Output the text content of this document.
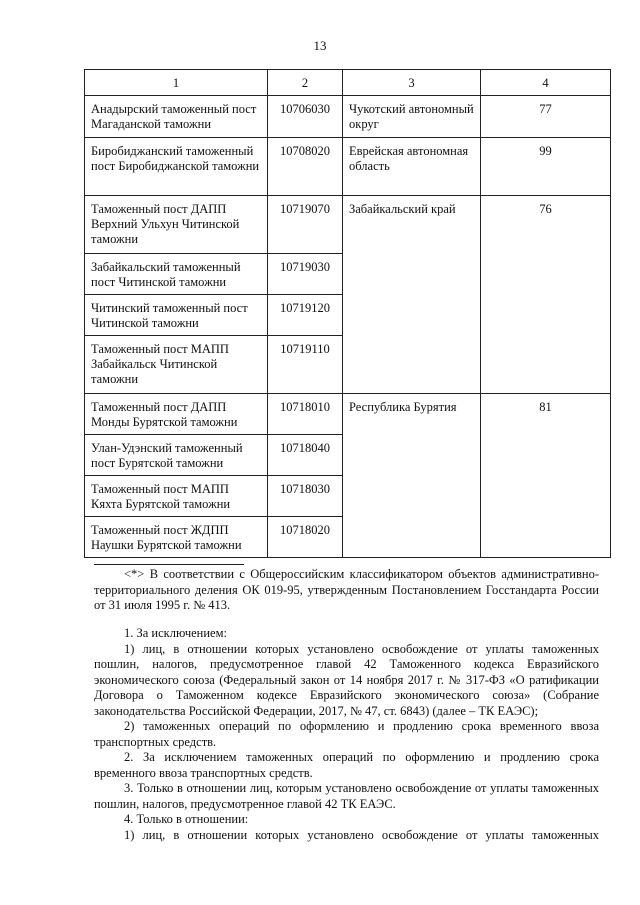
13
1	2	3	4
Анадырский таможенный пост Магаданской таможни	10706030	Чукотский автономный округ	77
Биробиджанский таможенный пост Биробиджанской таможни	10708020	Еврейская автономная область	99
Таможенный пост ДАПП Верхний Ульхун Читинской таможни	10719070	Забайкальский край	76
Забайкальский таможенный пост Читинской таможни	10719030		
Читинский таможенный пост Читинской таможни	10719120		
Таможенный пост МАПП Забайкальск Читинской таможни	10719110		
Таможенный пост ДАПП Монды Бурятской таможни	10718010	Республика Бурятия	81
Улан-Удэнский таможенный пост Бурятской таможни	10718040		
Таможенный пост МАПП Кяхта Бурятской таможни	10718030		
Таможенный пост ЖДПП Наушки Бурятской таможни	10718020		

<*> В соответствии с Общероссийским классификатором объектов административно-территориального деления ОК 019-95, утвержденным Постановлением Госстандарта России от 31 июля 1995 г. № 413.

1. За исключением:

1) лиц, в отношении которых установлено освобождение от уплаты таможенных пошлин, налогов, предусмотренное главой 42 Таможенного кодекса Евразийского экономического союза (Федеральный закон от 14 ноября 2017 г. № 317-ФЗ «О ратификации Договора о Таможенном кодексе Евразийского экономического союза» (Собрание законодательства Российской Федерации, 2017, № 47, ст. 6843) (далее – ТК ЕАЭС);

2) таможенных операций по оформлению и продлению срока временного ввоза транспортных средств.

2. За исключением таможенных операций по оформлению и продлению срока временного ввоза транспортных средств.

3. Только в отношении лиц, которым установлено освобождение от уплаты таможенных пошлин, налогов, предусмотренное главой 42 ТК ЕАЭС.

4. Только в отношении:

1) лиц, в отношении которых установлено освобождение от уплаты таможенных
